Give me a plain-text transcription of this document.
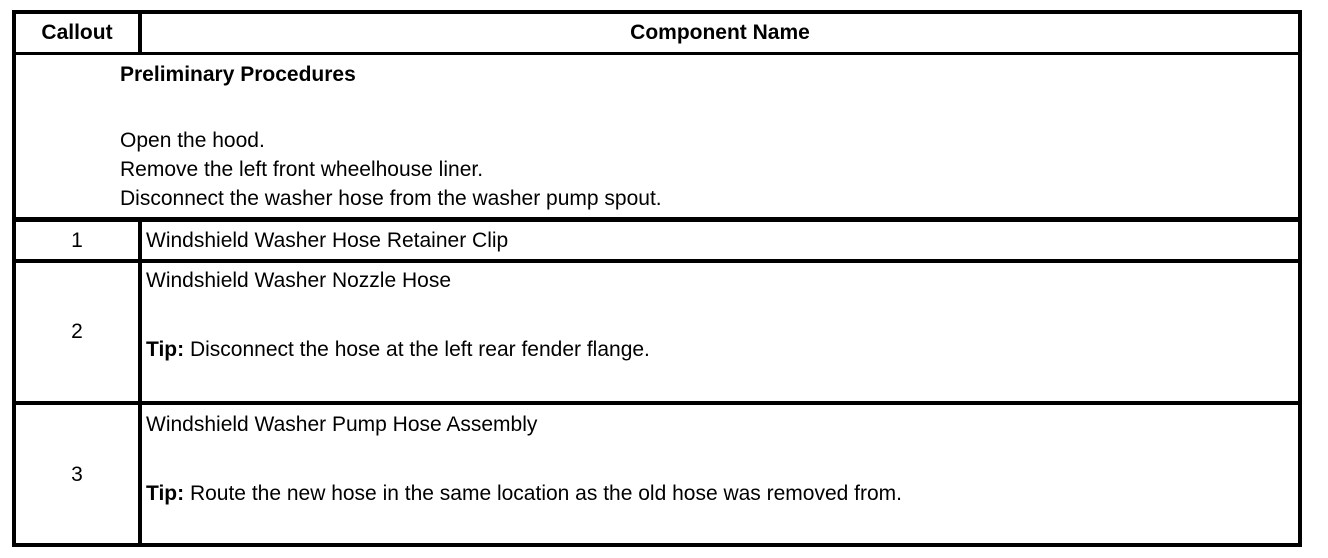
Callout	Component Name
Preliminary Procedures
Open the hood.
Remove the left front wheelhouse liner.
Disconnect the washer hose from the washer pump spout.
1	Windshield Washer Hose Retainer Clip
2
Windshield Washer Nozzle Hose
Tip: Disconnect the hose at the left rear fender flange.
3
Windshield Washer Pump Hose Assembly
Tip: Route the new hose in the same location as the old hose was removed from.
